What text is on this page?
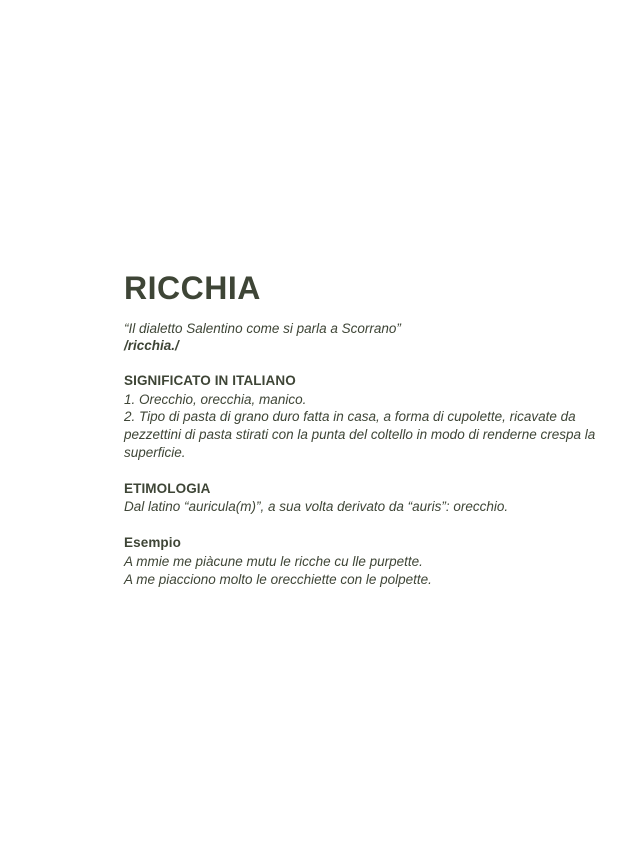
RICCHIA

“Il dialetto Salentino come si parla a Scorrano”

/ricchia./

SIGNIFICATO IN ITALIANO

1. Orecchio, orecchia, manico.

2. Tipo di pasta di grano duro fatta in casa, a forma di cupolette, ricavate da pezzettini di pasta stirati con la punta del coltello in modo di renderne crespa la superficie.

ETIMOLOGIA

Dal latino “auricula(m)”, a sua volta derivato da “auris”: orecchio.

Esempio

A mmie me piàcune mutu le ricche cu lle purpette.

A me piacciono molto le orecchiette con le polpette.
